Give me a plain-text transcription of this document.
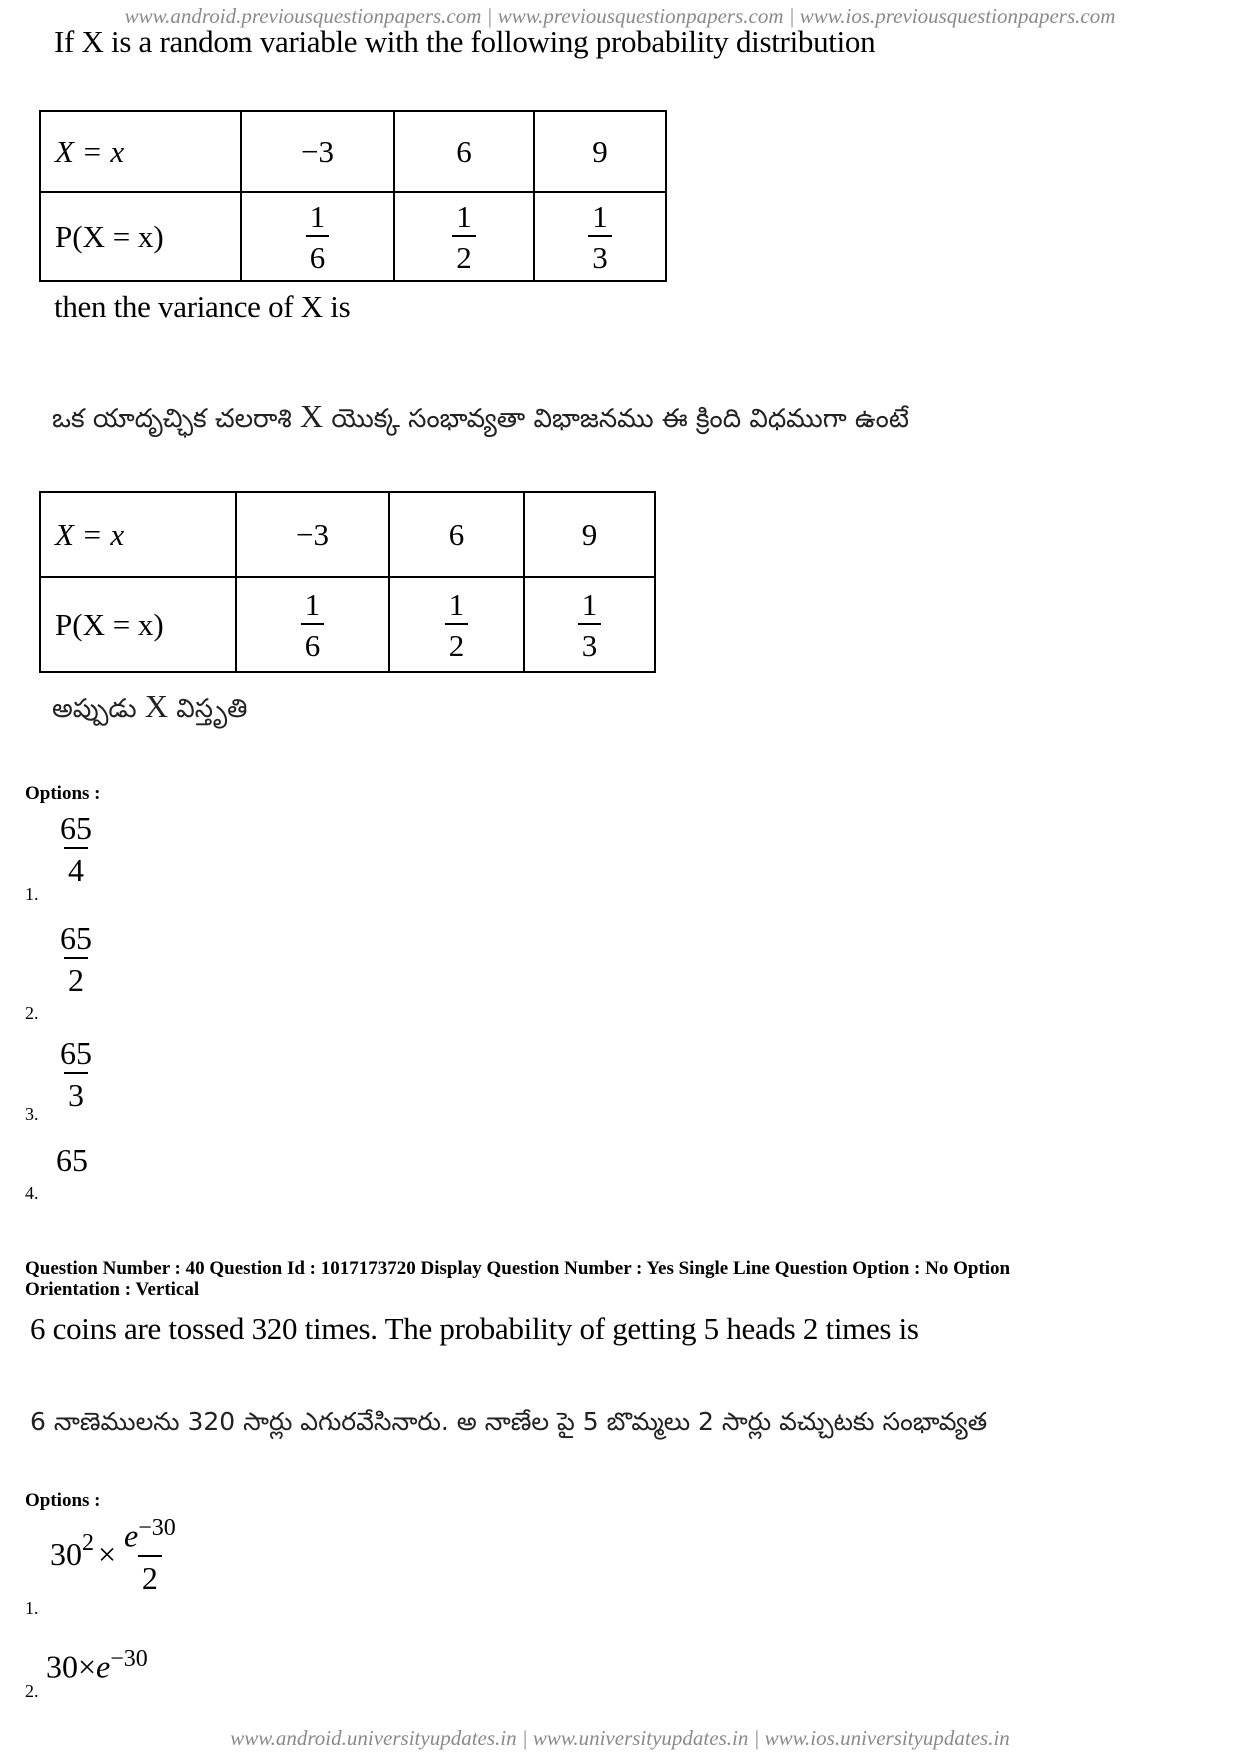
www.android.previousquestionpapers.com | www.previousquestionpapers.com | www.ios.previousquestionpapers.com
www.android.universityupdates.in | www.universityupdates.in | www.ios.universityupdates.in
If X is a random variable with the following probability distribution
X = x	−3	6	9
P(X = x)	$\frac{1}{6}$	$\frac{1}{2}$	$\frac{1}{3}$
then the variance of X is
ఒక యాదృచ్ఛిక చలరాశి X యొక్క సంభావ్యతా విభాజనము ఈ క్రింది విధముగా ఉంటే
X = x	−3	6	9
P(X = x)	$\frac{1}{6}$	$\frac{1}{2}$	$\frac{1}{3}$
అప్పుడు X విస్తృతి
Options :
1.
$\frac{65}{4}$
2.
$\frac{65}{2}$
3.
$\frac{65}{3}$
4.
65
Question Number : 40 Question Id : 1017173720 Display Question Number : Yes Single Line Question Option : No Option
Orientation : Vertical
6 coins are tossed 320 times. The probability of getting 5 heads 2 times is
6 నాణెములను 320 సార్లు ఎగురవేసినారు. అ నాణేల పై 5 బొమ్మలు 2 సార్లు వచ్చుటకు సంభావ్యత
Options :
1.
$30^2 \times \frac{e^{-30}}{2}$
2.
$30\times e^{-30}$
